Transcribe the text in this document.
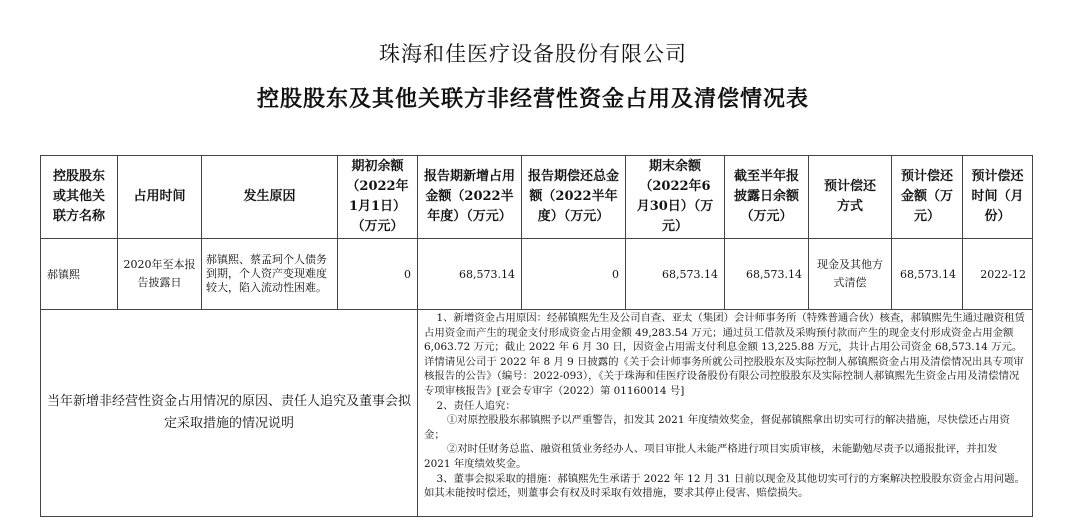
珠海和佳医疗设备股份有限公司
控股股东及其他关联方非经营性资金占用及清偿情况表
控股股东或其他关联方名称	占用时间	发生原因	期初余额（2022年1月1日）（万元）	报告期新增占用金额（2022半年度）（万元）	报告期偿还总金额（2022半年度）（万元）	期末余额（2022年6月30日）（万元）	截至半年报披露日余额（万元）	预计偿还方式	预计偿还金额（万元）	预计偿还时间（月份）
郝镇熙	2020年至本报告披露日	郝镇熙、蔡孟珂个人债务到期，个人资产变现难度较大，陷入流动性困难。	0	68,573.14	0	68,573.14	68,573.14	现金及其他方式清偿	68,573.14	2022-12
当年新增非经营性资金占用情况的原因、责任人追究及董事会拟定采取措施的情况说明				1、新增资金占用原因：经郝镇熙先生及公司自查、亚太（集团）会计师事务所（特殊普通合伙）核查，郝镇熙先生通过融资租赁占用资金而产生的现金支付形成资金占用金额 49,283.54 万元；通过员工借款及采购预付款而产生的现金支付形成资金占用金额 6,063.72 万元；截止 2022 年 6 月 30 日，因资金占用需支付利息金额 13,225.88 万元，共计占用公司资金 68,573.14 万元。详情请见公司于 2022 年 8 月 9 日披露的《关于会计师事务所就公司控股股东及实际控制人郝镇熙资金占用及清偿情况出具专项审核报告的公告》（编号：2022-093），《关于珠海和佳医疗设备股份有限公司控股股东及实际控制人郝镇熙先生资金占用及清偿情况专项审核报告》[亚会专审字（2022）第 01160014 号]

2、责任人追究：

①对原控股股东郝镇熙予以严重警告，扣发其 2021 年度绩效奖金，督促郝镇熙拿出切实可行的解决措施，尽快偿还占用资金；

②对时任财务总监、融资租赁业务经办人、项目审批人未能严格进行项目实质审核，未能勤勉尽责予以通报批评，并扣发 2021 年度绩效奖金。

3、董事会拟采取的措施：郝镇熙先生承诺于 2022 年 12 月 31 日前以现金及其他切实可行的方案解决控股股东资金占用问题。如其未能按时偿还，则董事会有权及时采取有效措施，要求其停止侵害、赔偿损失。						
